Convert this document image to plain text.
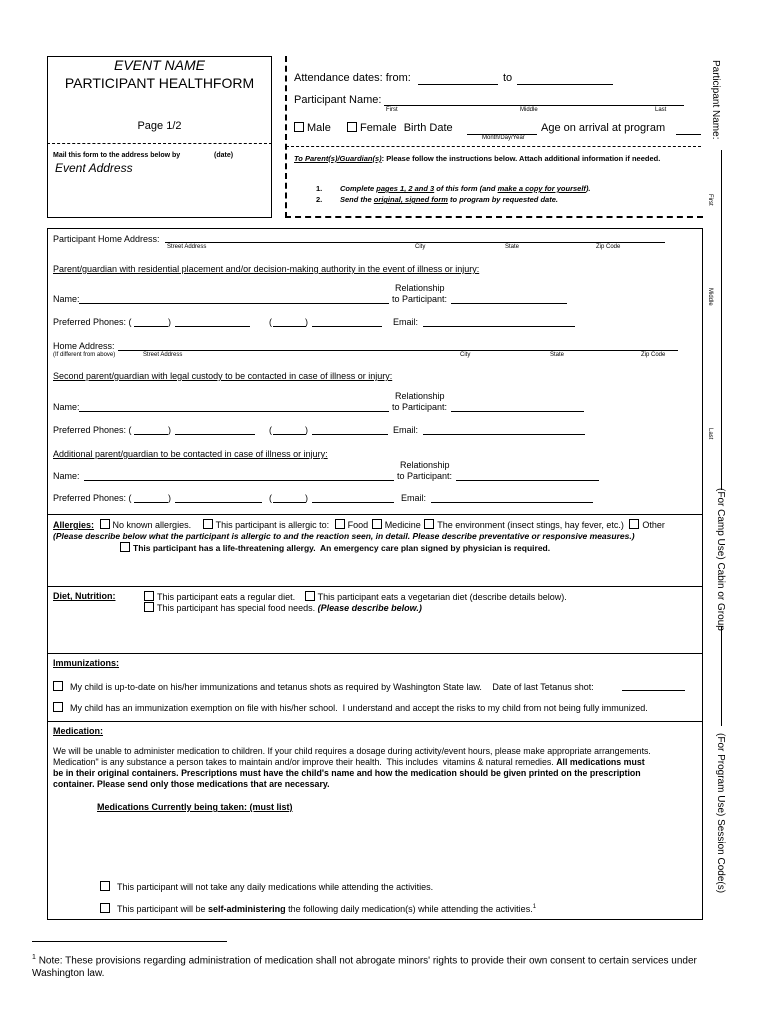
EVENT NAME
PARTICIPANT HEALTHFORM
Page 1/2
Mail this form to the address below by	(date)
Event Address
Attendance dates: from:	to
Participant Name:
First	Middle	Last
Male	Female Birth Date
Month/Day/Year
Age on arrival at program
To Parent(s)/Guardian(s): Please follow the instructions below. Attach additional information if needed.
1. Complete pages 1, 2 and 3 of this form (and make a copy for yourself).
2. Send the original, signed form to program by requested date.
Participant Name:
First
Middle
Last
(For Camp Use) Cabin or Group
(For Program Use) Session Code(s)
Participant Home Address:
Street Address	City	State	Zip Code
Parent/guardian with residential placement and/or decision-making authority in the event of illness or injury:
Relationship
Name:	to Participant:
Preferred Phones: (	)	(	)	Email:
Home Address:
(If different from above)	Street Address	City	State	Zip Code
Second parent/guardian with legal custody to be contacted in case of illness or injury:
Relationship
Name:	to Participant:
Preferred Phones: (	)	(	)	Email:
Additional parent/guardian to be contacted in case of illness or injury:
Relationship
Name:	to Participant:
Preferred Phones: (	)	(	)	Email:
Allergies: No known allergies.	This participant is allergic to: Food Medicine The environment (insect stings, hay fever, etc.) Other
(Please describe below what the participant is allergic to and the reaction seen, in detail. Please describe preventative or responsive measures.)
This participant has a life-threatening allergy.  An emergency care plan signed by physician is required.
Diet, Nutrition:	This participant eats a regular diet.	This participant eats a vegetarian diet (describe details below).
This participant has special food needs. (Please describe below.)
Immunizations:
My child is up-to-date on his/her immunizations and tetanus shots as required by Washington State law. Date of last Tetanus shot:
My child has an immunization exemption on file with his/her school.  I understand and accept the risks to my child from not being fully immunized.
Medication:
We will be unable to administer medication to children. If your child requires a dosage during activity/event hours, please make appropriate arrangements.
Medication" is any substance a person takes to maintain and/or improve their health.  This includes  vitamins & natural remedies. All medications must
be in their original containers. Prescriptions must have the child's name and how the medication should be given printed on the prescription
container. Please send only those medications that are necessary.
Medications Currently being taken: (must list)
This participant will not take any daily medications while attending the activities.
This participant will be self-administering the following daily medication(s) while attending the activities.$^1$
$^1$ Note: These provisions regarding administration of medication shall not abrogate minors' rights to provide their own consent to certain services under
Washington law.
